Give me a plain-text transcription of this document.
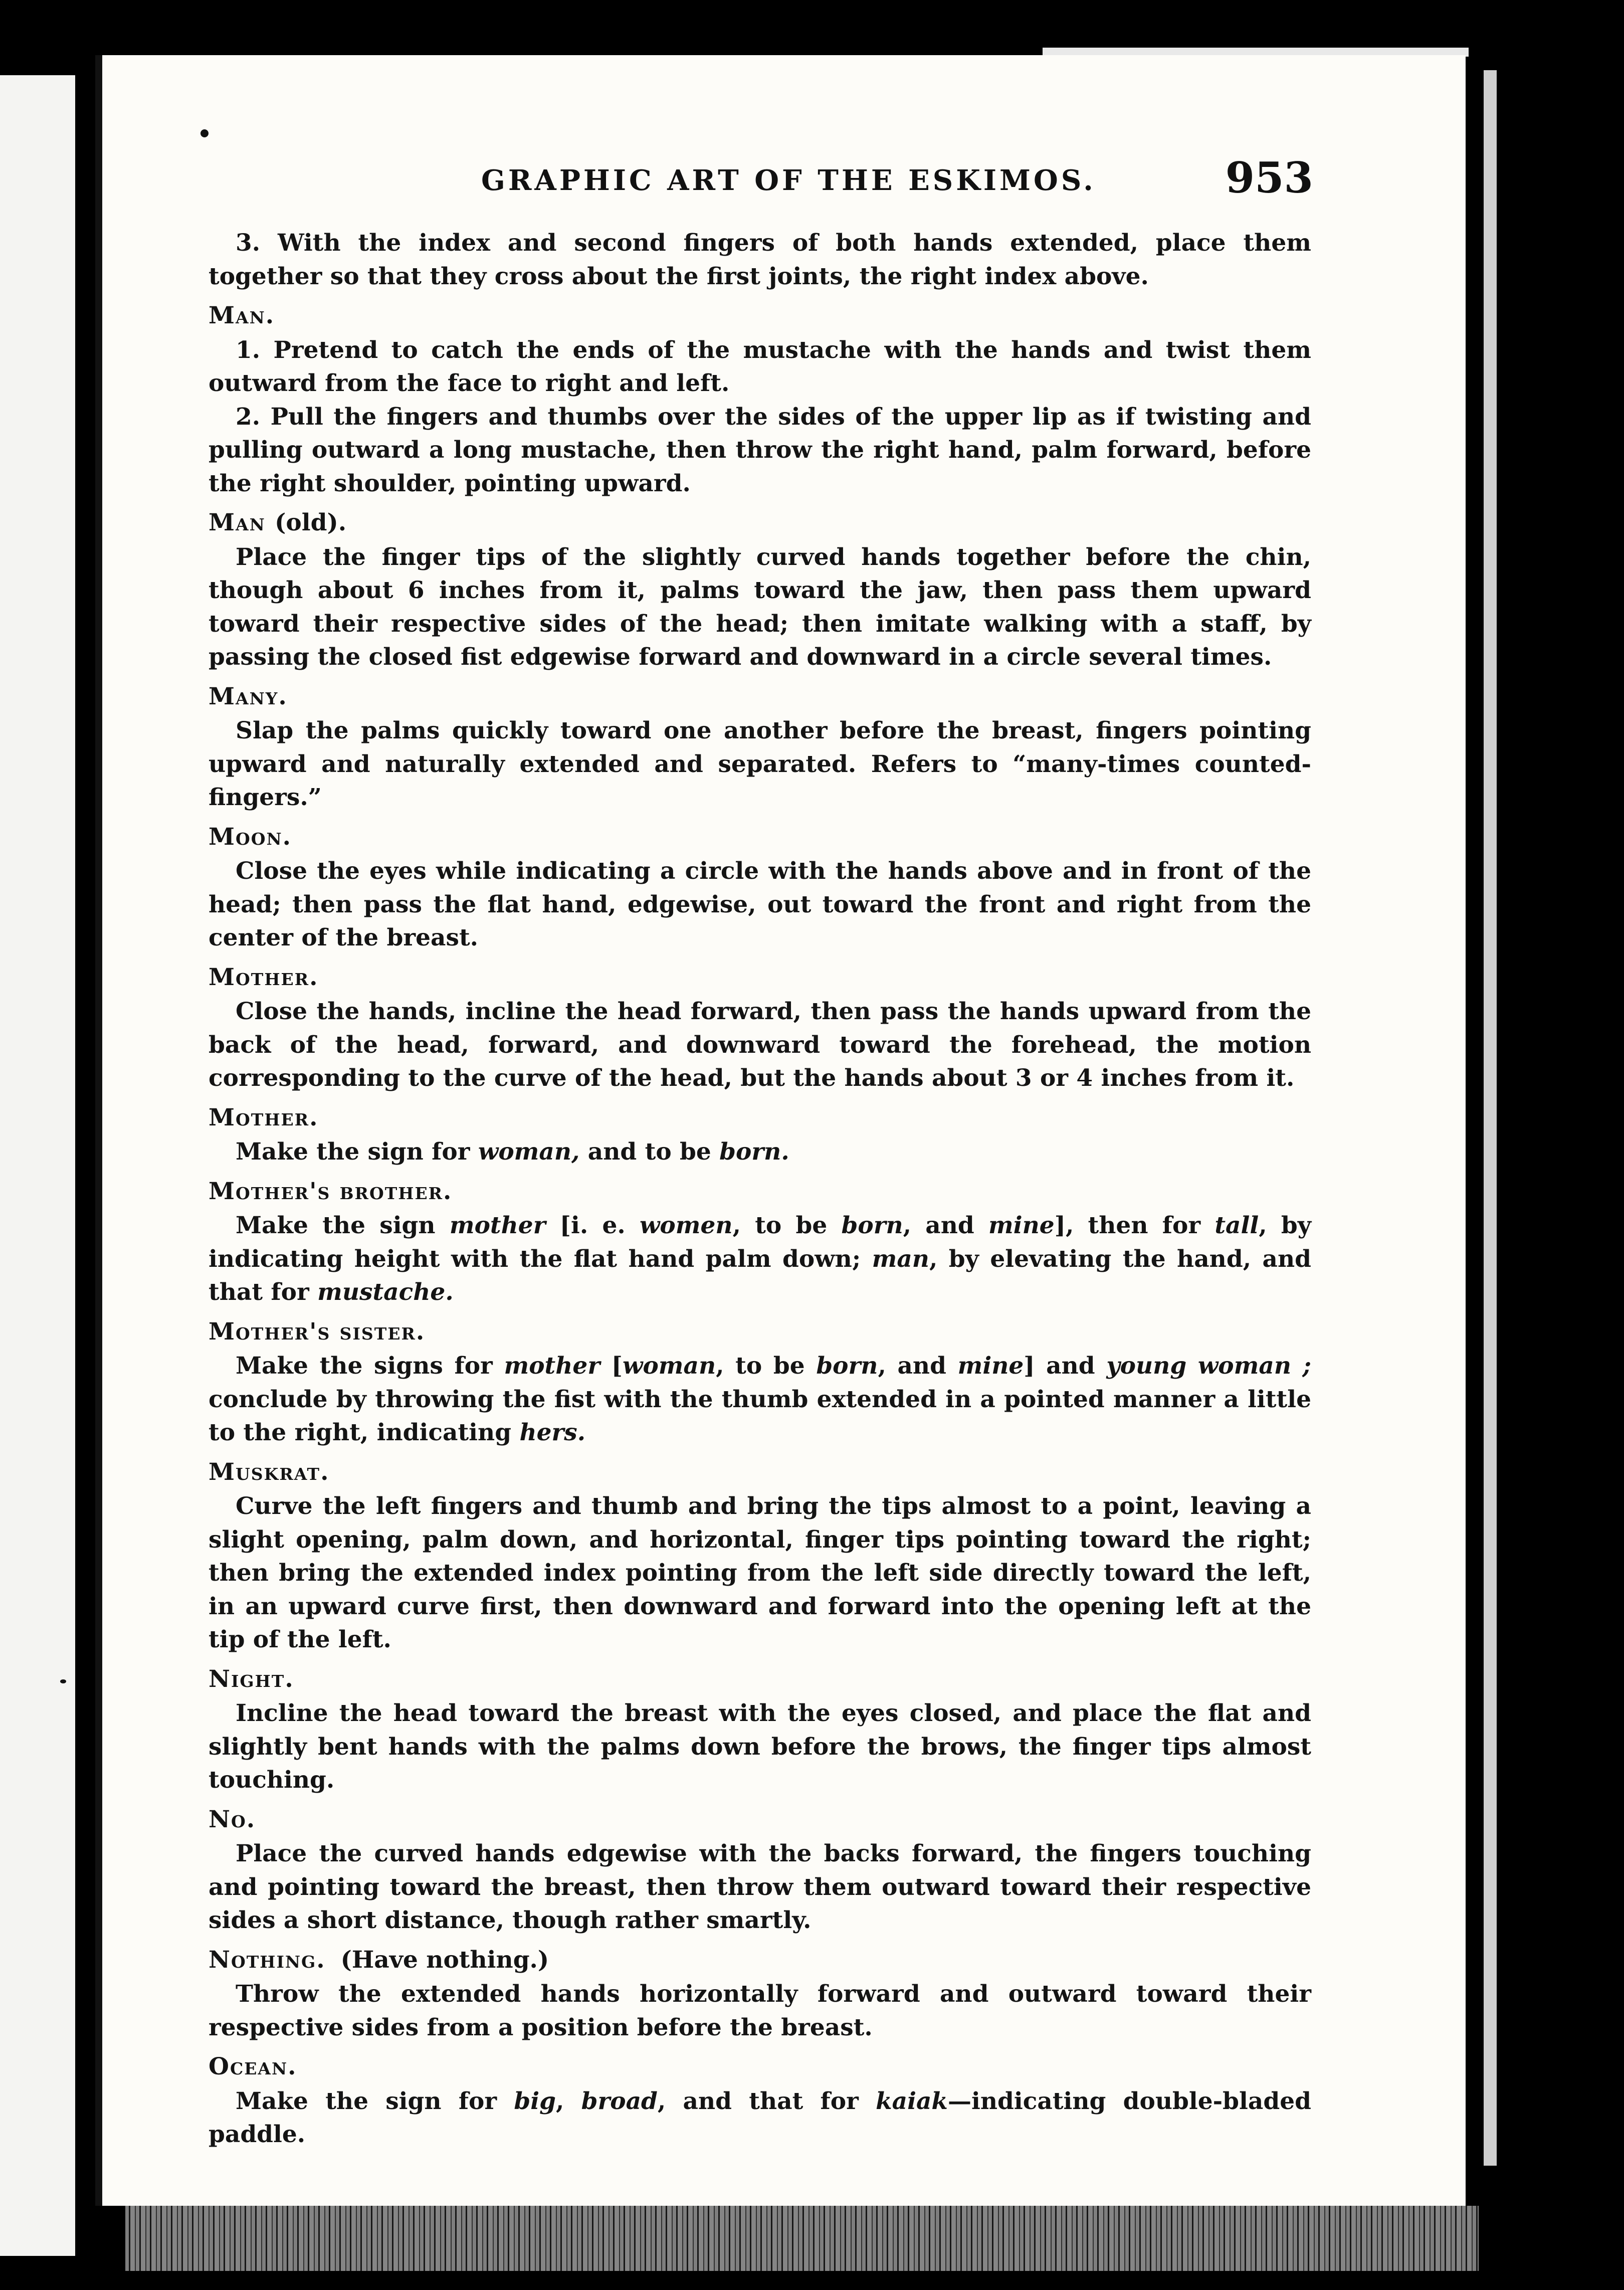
GRAPHIC ART OF THE ESKIMOS.	953

3. With the index and second fingers of both hands extended, place them together so that they cross about the first joints, the right index above.

Man.

1. Pretend to catch the ends of the mustache with the hands and twist them outward from the face to right and left.

2. Pull the fingers and thumbs over the sides of the upper lip as if twisting and pulling outward a long mustache, then throw the right hand, palm forward, before the right shoulder, pointing upward.

Man (old).

Place the finger tips of the slightly curved hands together before the chin, though about 6 inches from it, palms toward the jaw, then pass them upward toward their respective sides of the head; then imitate walking with a staff, by passing the closed fist edgewise forward and downward in a circle several times.

Many.

Slap the palms quickly toward one another before the breast, fingers pointing upward and naturally extended and separated. Refers to “many-times counted-fingers.”

Moon.

Close the eyes while indicating a circle with the hands above and in front of the head; then pass the flat hand, edgewise, out toward the front and right from the center of the breast.

Mother.

Close the hands, incline the head forward, then pass the hands upward from the back of the head, forward, and downward toward the forehead, the motion corresponding to the curve of the head, but the hands about 3 or 4 inches from it.

Mother.

Make the sign for woman, and to be born.

Mother's brother.

Make the sign mother [i. e. women, to be born, and mine], then for tall, by indicating height with the flat hand palm down; man, by elevating the hand, and that for mustache.

Mother's sister.

Make the signs for mother [woman, to be born, and mine] and young woman ; conclude by throwing the fist with the thumb extended in a pointed manner a little to the right, indicating hers.

Muskrat.

Curve the left fingers and thumb and bring the tips almost to a point, leaving a slight opening, palm down, and horizontal, finger tips pointing toward the right; then bring the extended index pointing from the left side directly toward the left, in an upward curve first, then downward and forward into the opening left at the tip of the left.

Night.

Incline the head toward the breast with the eyes closed, and place the flat and slightly bent hands with the palms down before the brows, the finger tips almost touching.

No.

Place the curved hands edgewise with the backs forward, the fingers touching and pointing toward the breast, then throw them outward toward their respective sides a short distance, though rather smartly.

Nothing. (Have nothing.)

Throw the extended hands horizontally forward and outward toward their respective sides from a position before the breast.

Ocean.

Make the sign for big, broad, and that for kaiak—indicating double-bladed paddle.
